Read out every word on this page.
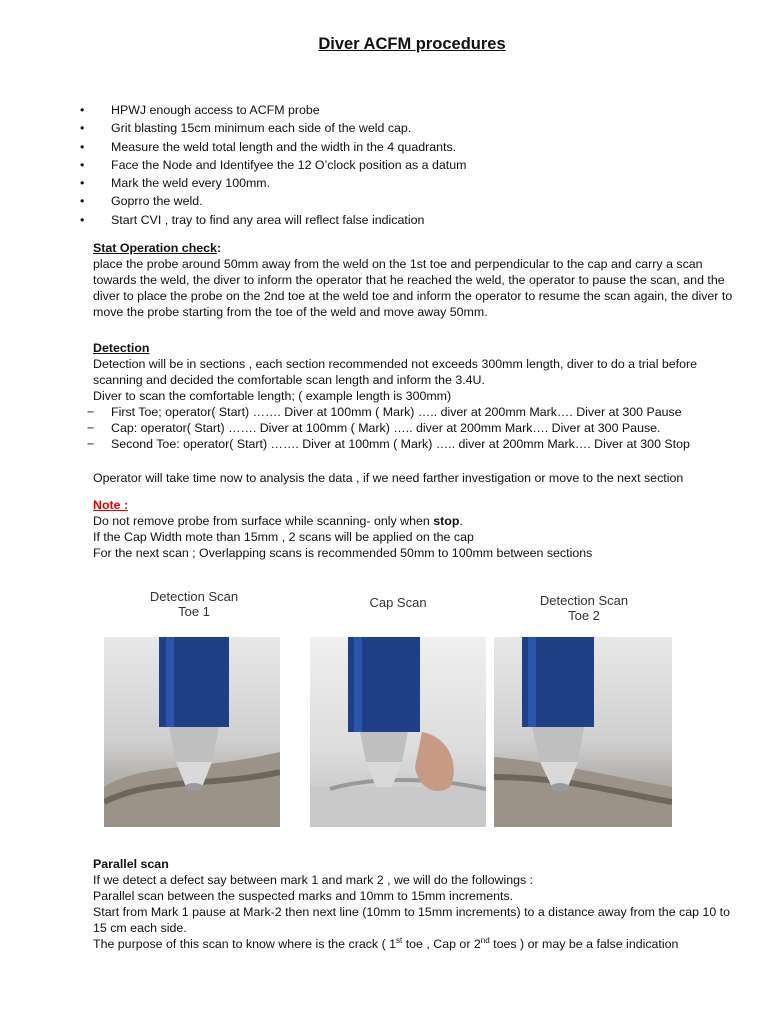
Diver ACFM procedures
• HPWJ enough access to ACFM probe
• Grit blasting 15cm minimum each side of the weld cap.
• Measure the weld total length and the width in the 4 quadrants.
• Face the Node and Identifyee the 12 O’clock position as a datum
• Mark the weld every 100mm.
• Goprro the weld.
• Start CVI , tray to find any area will reflect false indication
Stat Operation check:

place the probe around 50mm away from the weld on the 1st toe and perpendicular to the cap and carry a scan towards the weld, the diver to inform the operator that he reached the weld, the operator to pause the scan, and the diver to place the probe on the 2nd toe at the weld toe and inform the operator to resume the scan again, the diver to move the probe starting from the toe of the weld and move away 50mm.

Detection

Detection will be in sections , each section recommended not exceeds 300mm length, diver to do a trial before scanning and decided the comfortable scan length and inform the 3.4U.

Diver to scan the comfortable length; ( example length is 300mm)

− First Toe; operator( Start) ……. Diver at 100mm ( Mark) ….. diver at 200mm Mark…. Diver at 300 Pause
− Cap: operator( Start) ……. Diver at 100mm ( Mark) ….. diver at 200mm Mark…. Diver at 300 Pause.
− Second Toe: operator( Start) ……. Diver at 100mm ( Mark) ….. diver at 200mm Mark…. Diver at 300 Stop

Operator will take time now to analysis the data , if we need farther investigation or move to the next section

Note :

Do not remove probe from surface while scanning- only when stop.

If the Cap Width mote than 15mm , 2 scans will be applied on the cap

For the next scan ; Overlapping scans is recommended 50mm to 100mm between sections

Detection Scan
Toe 1
Cap Scan	Detection Scan
Toe 2
Parallel scan

If we detect a defect say between mark 1 and mark 2 , we will do the followings :

Parallel scan between the suspected marks and 10mm to 15mm increments.

Start from Mark 1 pause at Mark-2 then next line (10mm to 15mm increments) to a distance away from the cap 10 to 15 cm each side.

The purpose of this scan to know where is the crack ( 1st toe , Cap or 2nd toes ) or may be a false indication
